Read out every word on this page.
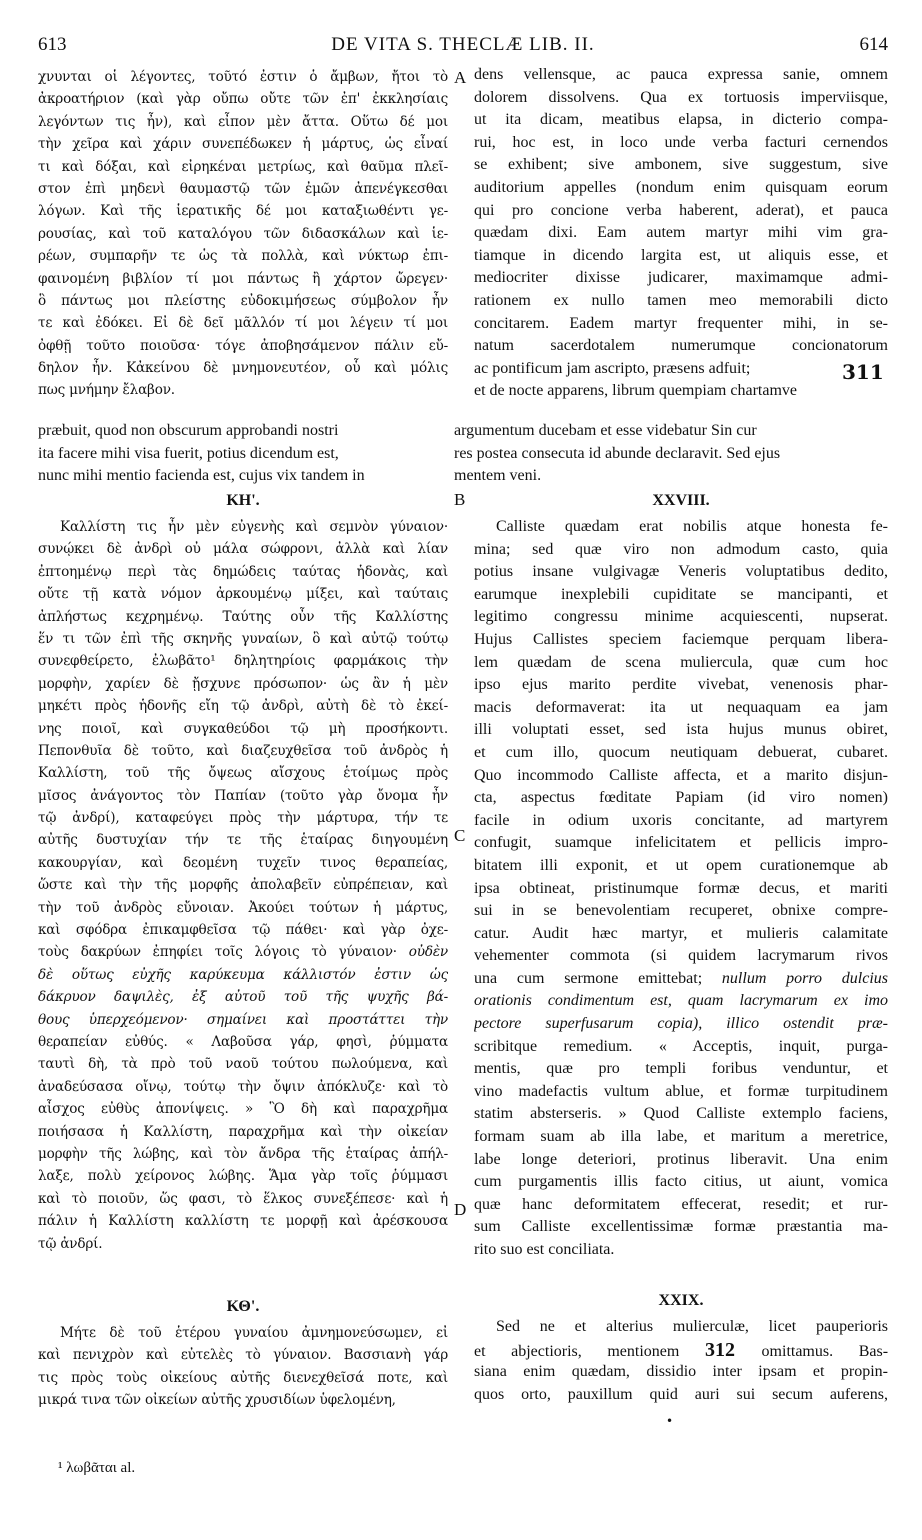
613	DE VITA S. THECLÆ LIB. II.	614
χνυνται οἱ λέγοντες, τοῦτό ἐστιν ὁ ἄμβων, ἤτοι τὸ
ἀκροατήριον (καὶ γὰρ οὔπω οὔτε τῶν ἐπ' ἐκκλησίαις
λεγόντων τις ἦν), καὶ εἶπον μὲν ἄττα. Οὕτω δέ μοι
τὴν χεῖρα καὶ χάριν συνεπέδωκεν ἡ μάρτυς, ὡς εἶναί
τι καὶ δόξαι, καὶ εἰρηκέναι μετρίως, καὶ θαῦμα πλεῖ-
στον ἐπὶ μηδενὶ θαυμαστῷ τῶν ἐμῶν ἀπενέγκεσθαι
λόγων. Καὶ τῆς ἱερατικῆς δέ μοι καταξιωθέντι γε-
ρουσίας, καὶ τοῦ καταλόγου τῶν διδασκάλων καὶ ἱε-
ρέων, συμπαρῆν τε ὡς τὰ πολλὰ, καὶ νύκτωρ ἐπι-
φαινομένη βιβλίον τί μοι πάντως ἢ χάρτον ὤρεγεν·
ὃ πάντως μοι πλείστης εὐδοκιμήσεως σύμβολον ἦν
τε καὶ ἐδόκει. Εἰ δὲ δεῖ μᾶλλόν τί μοι λέγειν τί μοι
ὀφθῇ τοῦτο ποιοῦσα· τόγε ἀποβησάμενον πάλιν εὔ-
δηλον ἦν. Κἀκείνου δὲ μνημονευτέον, οὗ καὶ μόλις
πως μνήμην ἔλαβον.
A dens vellensque, ac pauca expressa sanie, omnem
dolorem dissolvens. Qua ex tortuosis imperviisque,
ut ita dicam, meatibus elapsa, in dicterio compa-
rui, hoc est, in loco unde verba facturi cernendos
se exhibent; sive ambonem, sive suggestum, sive
auditorium appelles (nondum enim quisquam eorum
qui pro concione verba haberent, aderat), et pauca
quædam dixi. Eam autem martyr mihi vim gra-
tiamque in dicendo largita est, ut aliquis esse, et
mediocriter dixisse judicarer, maximamque admi-
rationem ex nullo tamen meo memorabili dicto
concitarem. Eadem martyr frequenter mihi, in se-
natum sacerdotalem numerumque concionatorum
ac pontificum jam ascripto, præsens adfuit;
et de nocte apparens, librum quempiam chartamve
311
præbuit, quod non obscurum approbandi nostri	argumentum ducebam et esse videbatur Sin cur
ita facere mihi visa fuerit, potius dicendum est,	res postea consecuta id abunde declaravit. Sed ejus
nunc mihi mentio facienda est, cujus vix tandem in	mentem veni.
B
ΚΗ'.	XXVIII.
Καλλίστη τις ἦν μὲν εὐγενὴς καὶ σεμνὸν γύναιον·
συνῴκει δὲ ἀνδρὶ οὐ μάλα σώφρονι, ἀλλὰ καὶ λίαν
ἐπτοημένῳ περὶ τὰς δημώδεις ταύτας ἡδονὰς, καὶ
οὔτε τῇ κατὰ νόμον ἀρκουμένῳ μίξει, καὶ ταύταις
ἀπλήστως κεχρημένῳ. Ταύτης οὖν τῆς Καλλίστης
ἕν τι τῶν ἐπὶ τῆς σκηνῆς γυναίων, ὃ καὶ αὐτῷ τούτῳ
συνεφθείρετο, ἐλωβᾶτο¹ δηλητηρίοις φαρμάκοις τὴν
μορφὴν, χαρίεν δὲ ᾔσχυνε πρόσωπον· ὡς ἂν ἡ μὲν
μηκέτι πρὸς ἡδονῆς εἴη τῷ ἀνδρὶ, αὐτὴ δὲ τὸ ἐκεί-
νης ποιοῖ, καὶ συγκαθεύδοι τῷ μὴ προσήκοντι.
Πεπονθυῖα δὲ τοῦτο, καὶ διαζευχθεῖσα τοῦ ἀνδρὸς ἡ
Καλλίστη, τοῦ τῆς ὄψεως αἴσχους ἑτοίμως πρὸς
μῖσος ἀνάγοντος τὸν Παπίαν (τοῦτο γὰρ ὄνομα ἦν
τῷ ἀνδρί), καταφεύγει πρὸς τὴν μάρτυρα, τήν τε
αὐτῆς δυστυχίαν τήν τε τῆς ἑταίρας διηγουμένη
κακουργίαν, καὶ δεομένη τυχεῖν τινος θεραπείας,
ὥστε καὶ τὴν τῆς μορφῆς ἀπολαβεῖν εὐπρέπειαν, καὶ
τὴν τοῦ ἀνδρὸς εὔνοιαν. Ἀκούει τούτων ἡ μάρτυς,
καὶ σφόδρα ἐπικαμφθεῖσα τῷ πάθει· καὶ γὰρ ὀχε-
τοὺς δακρύων ἐπηφίει τοῖς λόγοις τὸ γύναιον· οὐδὲν
δὲ οὕτως εὐχῆς καρύκευμα κάλλιστόν ἐστιν ὡς
δάκρυον δαψιλὲς, ἐξ αὐτοῦ τοῦ τῆς ψυχῆς βά-
θους ὑπερχεόμενον· σημαίνει καὶ προστάττει τὴν
θεραπείαν εὐθύς. « Λαβοῦσα γάρ, φησὶ, ῥύμματα
ταυτὶ δὴ, τὰ πρὸ τοῦ ναοῦ τούτου πωλούμενα, καὶ
ἀναδεύσασα οἴνῳ, τούτῳ τὴν ὄψιν ἀπόκλυζε· καὶ τὸ
αἶσχος εὐθὺς ἀπονίψεις. » Ὃ δὴ καὶ παραχρῆμα
ποιήσασα ἡ Καλλίστη, παραχρῆμα καὶ τὴν οἰκείαν
μορφὴν τῆς λώβης, καὶ τὸν ἄνδρα τῆς ἑταίρας ἀπήλ-
λαξε, πολὺ χείρονος λώβης. Ἅμα γὰρ τοῖς ῥύμμασι
καὶ τὸ ποιοῦν, ὥς φασι, τὸ ἕλκος συνεξέπεσε· καὶ ἡ
πάλιν ἡ Καλλίστη καλλίστη τε μορφῇ καὶ ἀρέσκουσα
τῷ ἀνδρί.
C
D
Calliste quædam erat nobilis atque honesta fe-
mina; sed quæ viro non admodum casto, quia
potius insane vulgivagæ Veneris voluptatibus dedito,
earumque inexplebili cupiditate se mancipanti, et
legitimo congressu minime acquiescenti, nupserat.
Hujus Callistes speciem faciemque perquam libera-
lem quædam de scena muliercula, quæ cum hoc
ipso ejus marito perdite vivebat, venenosis phar-
macis deformaverat: ita ut nequaquam ea jam
illi voluptati esset, sed ista hujus munus obiret,
et cum illo, quocum neutiquam debuerat, cubaret.
Quo incommodo Calliste affecta, et a marito disjun-
cta, aspectus fœditate Papiam (id viro nomen)
facile in odium uxoris concitante, ad martyrem
confugit, suamque infelicitatem et pellicis impro-
bitatem illi exponit, et ut opem curationemque ab
ipsa obtineat, pristinumque formæ decus, et mariti
sui in se benevolentiam recuperet, obnixe compre-
catur. Audit hæc martyr, et mulieris calamitate
vehementer commota (si quidem lacrymarum rivos
una cum sermone emittebat; nullum porro dulcius
orationis condimentum est, quam lacrymarum ex imo
pectore superfusarum copia), illico ostendit præ-
scribitque remedium. « Acceptis, inquit, purga-
mentis, quæ pro templi foribus venduntur, et
vino madefactis vultum ablue, et formæ turpitudinem
statim absterseris. » Quod Calliste extemplo faciens,
formam suam ab illa labe, et maritum a meretrice,
labe longe deteriori, protinus liberavit. Una enim
cum purgamentis illis facto citius, ut aiunt, vomica
quæ hanc deformitatem effecerat, resedit; et rur-
sum Calliste excellentissimæ formæ præstantia ma-
rito suo est conciliata.
ΚΘ'.
Μήτε δὲ τοῦ ἑτέρου γυναίου ἀμνημονεύσωμεν, εἰ
καὶ πενιχρὸν καὶ εὐτελὲς τὸ γύναιον. Βασσιανὴ γάρ
τις πρὸς τοὺς οἰκείους αὐτῆς διενεχθεῖσά ποτε, καὶ
μικρά τινα τῶν οἰκείων αὐτῆς χρυσιδίων ὑφελομένη,
XXIX.
Sed ne et alterius mulierculæ, licet pauperioris
et abjectioris, mentionem 312 omittamus. Bas-
siana enim quædam, dissidio inter ipsam et propin-
quos orto, pauxillum quid auri sui secum auferens,
•
¹ λωβᾶται al.
